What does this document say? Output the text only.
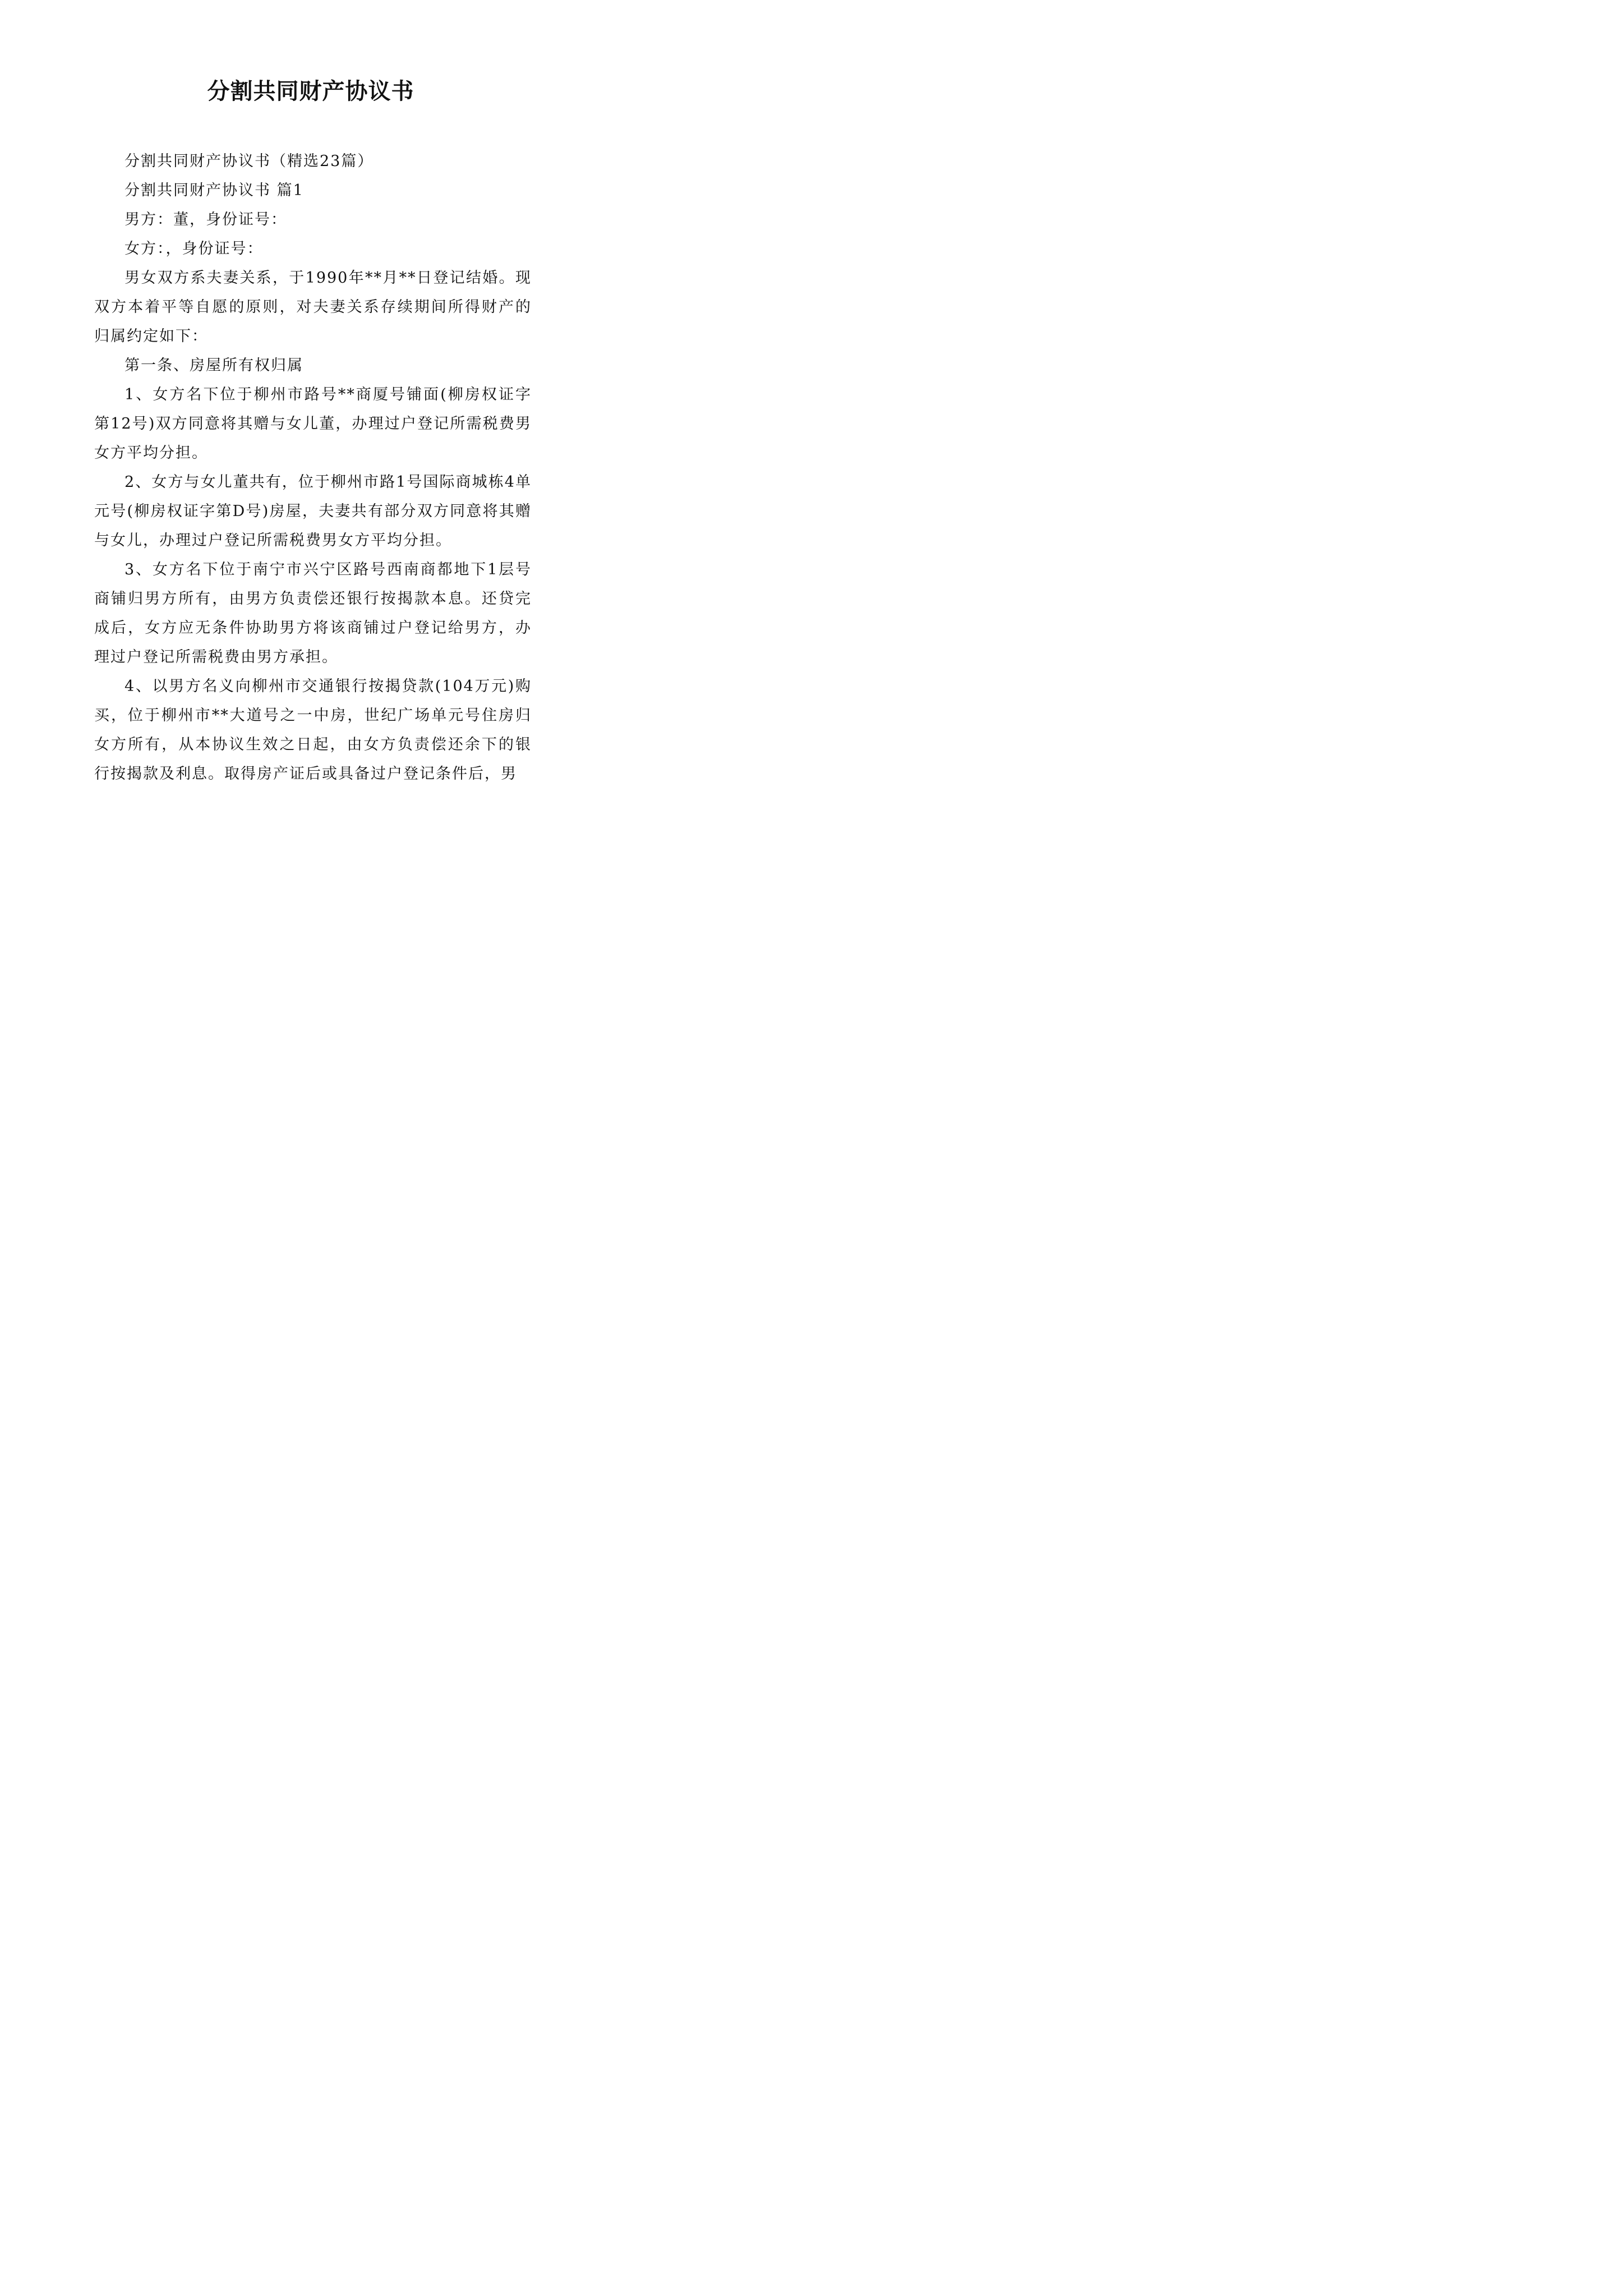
分割共同财产协议书

分割共同财产协议书（精选23篇）

分割共同财产协议书 篇1

男方：董，身份证号：

女方：，身份证号：

男女双方系夫妻关系，于1990年**月**日登记结婚。现双方本着平等自愿的原则，对夫妻关系存续期间所得财产的归属约定如下：

第一条、房屋所有权归属

1、女方名下位于柳州市路号**商厦号铺面(柳房权证字第12号)双方同意将其赠与女儿董，办理过户登记所需税费男女方平均分担。

2、女方与女儿董共有，位于柳州市路1号国际商城栋4单元号(柳房权证字第D号)房屋，夫妻共有部分双方同意将其赠与女儿，办理过户登记所需税费男女方平均分担。

3、女方名下位于南宁市兴宁区路号西南商都地下1层号商铺归男方所有，由男方负责偿还银行按揭款本息。还贷完成后，女方应无条件协助男方将该商铺过户登记给男方，办理过户登记所需税费由男方承担。

4、以男方名义向柳州市交通银行按揭贷款(104万元)购买，位于柳州市**大道号之一中房，世纪广场单元号住房归女方所有，从本协议生效之日起，由女方负责偿还余下的银行按揭款及利息。取得房产证后或具备过户登记条件后，男
